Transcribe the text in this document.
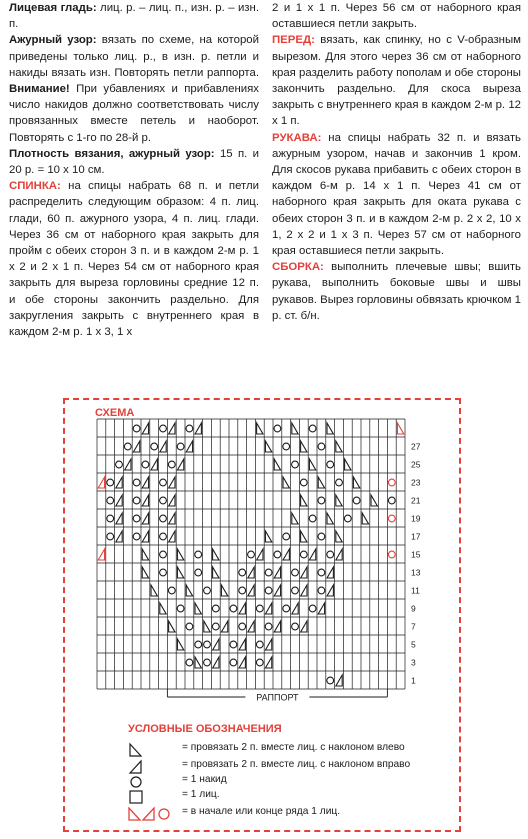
Лицевая гладь: лиц. р. – лиц. п., изн. р. – изн. п.

Ажурный узор: вязать по схеме, на которой приведены только лиц. р., в изн. р. петли и накиды вязать изн. Повторять петли раппорта. Внимание! При убавлениях и прибавлениях число накидов должно соответствовать числу провязанных вместе петель и наоборот. Повторять с 1-го по 28-й р.

Плотность вязания, ажурный узор: 15 п. и 20 р. = 10 х 10 см.

СПИНКА: на спицы набрать 68 п. и петли распределить следующим образом: 4 п. лиц. глади, 60 п. ажурного узора, 4 п. лиц. глади. Через 36 см от наборного края закрыть для пройм с обеих сторон 3 п. и в каждом 2-м р. 1 х 2 и 2 х 1 п. Через 54 см от наборного края закрыть для выреза горловины средние 12 п. и обе стороны закончить раздельно. Для закругления закрыть с внутреннего края в каждом 2-м р. 1 х 3, 1 х

2 и 1 х 1 п. Через 56 см от наборного края оставшиеся петли закрыть.

ПЕРЕД: вязать, как спинку, но с V-образным вырезом. Для этого через 36 см от наборного края разделить работу пополам и обе стороны закончить раздельно. Для скоса выреза закрыть с внутреннего края в каждом 2-м р. 12 х 1 п.

РУКАВА: на спицы набрать 32 п. и вязать ажурным узором, начав и закончив 1 кром. Для скосов рукава прибавить с обеих сторон в каждом 6-м р. 14 х 1 п. Через 41 см от наборного края закрыть для оката рукава с обеих сторон 3 п. и в каждом 2-м р. 2 х 2, 10 х 1, 2 х 2 и 1 х 3 п. Через 57 см от наборного края оставшиеся петли закрыть.

СБОРКА: выполнить плечевые швы; вшить рукава, выполнить боковые швы и швы рукавов. Вырез горловины обвязать крючком 1 р. ст. б/н.

СХЕМА
27
25
23
21
19
17
15
13
11
9
7
5
3
1
РАППОРТ
УСЛОВНЫЕ ОБОЗНАЧЕНИЯ
= провязать 2 п. вместе лиц. с наклоном влево
= провязать 2 п. вместе лиц. с наклоном вправо
= 1 накид
= 1 лиц.
= в начале или конце ряда 1 лиц.
